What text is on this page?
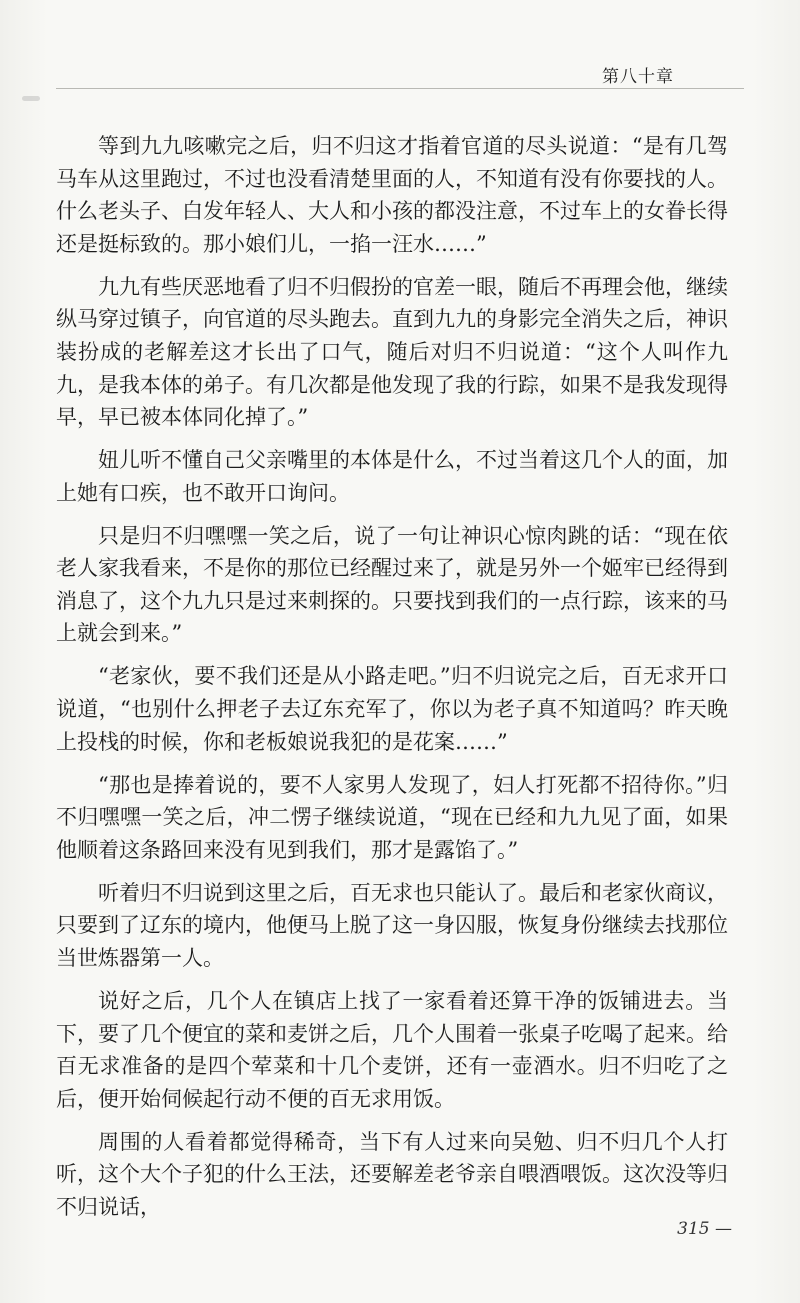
第八十章

等到九九咳嗽完之后，归不归这才指着官道的尽头说道：“是有几驾马车从这里跑过，不过也没看清楚里面的人，不知道有没有你要找的人。什么老头子、白发年轻人、大人和小孩的都没注意，不过车上的女眷长得还是挺标致的。那小娘们儿，一掐一汪水……”

九九有些厌恶地看了归不归假扮的官差一眼，随后不再理会他，继续纵马穿过镇子，向官道的尽头跑去。直到九九的身影完全消失之后，神识装扮成的老解差这才长出了口气，随后对归不归说道：“这个人叫作九九，是我本体的弟子。有几次都是他发现了我的行踪，如果不是我发现得早，早已被本体同化掉了。”

妞儿听不懂自己父亲嘴里的本体是什么，不过当着这几个人的面，加上她有口疾，也不敢开口询问。

只是归不归嘿嘿一笑之后，说了一句让神识心惊肉跳的话：“现在依老人家我看来，不是你的那位已经醒过来了，就是另外一个姬牢已经得到消息了，这个九九只是过来刺探的。只要找到我们的一点行踪，该来的马上就会到来。”

“老家伙，要不我们还是从小路走吧。”归不归说完之后，百无求开口说道，“也别什么押老子去辽东充军了，你以为老子真不知道吗？昨天晚上投栈的时候，你和老板娘说我犯的是花案……”

“那也是捧着说的，要不人家男人发现了，妇人打死都不招待你。”归不归嘿嘿一笑之后，冲二愣子继续说道，“现在已经和九九见了面，如果他顺着这条路回来没有见到我们，那才是露馅了。”

听着归不归说到这里之后，百无求也只能认了。最后和老家伙商议，只要到了辽东的境内，他便马上脱了这一身囚服，恢复身份继续去找那位当世炼器第一人。

说好之后，几个人在镇店上找了一家看着还算干净的饭铺进去。当下，要了几个便宜的菜和麦饼之后，几个人围着一张桌子吃喝了起来。给百无求准备的是四个荤菜和十几个麦饼，还有一壶酒水。归不归吃了之后，便开始伺候起行动不便的百无求用饭。

周围的人看着都觉得稀奇，当下有人过来向吴勉、归不归几个人打听，这个大个子犯的什么王法，还要解差老爷亲自喂酒喂饭。这次没等归不归说话，

315 —
